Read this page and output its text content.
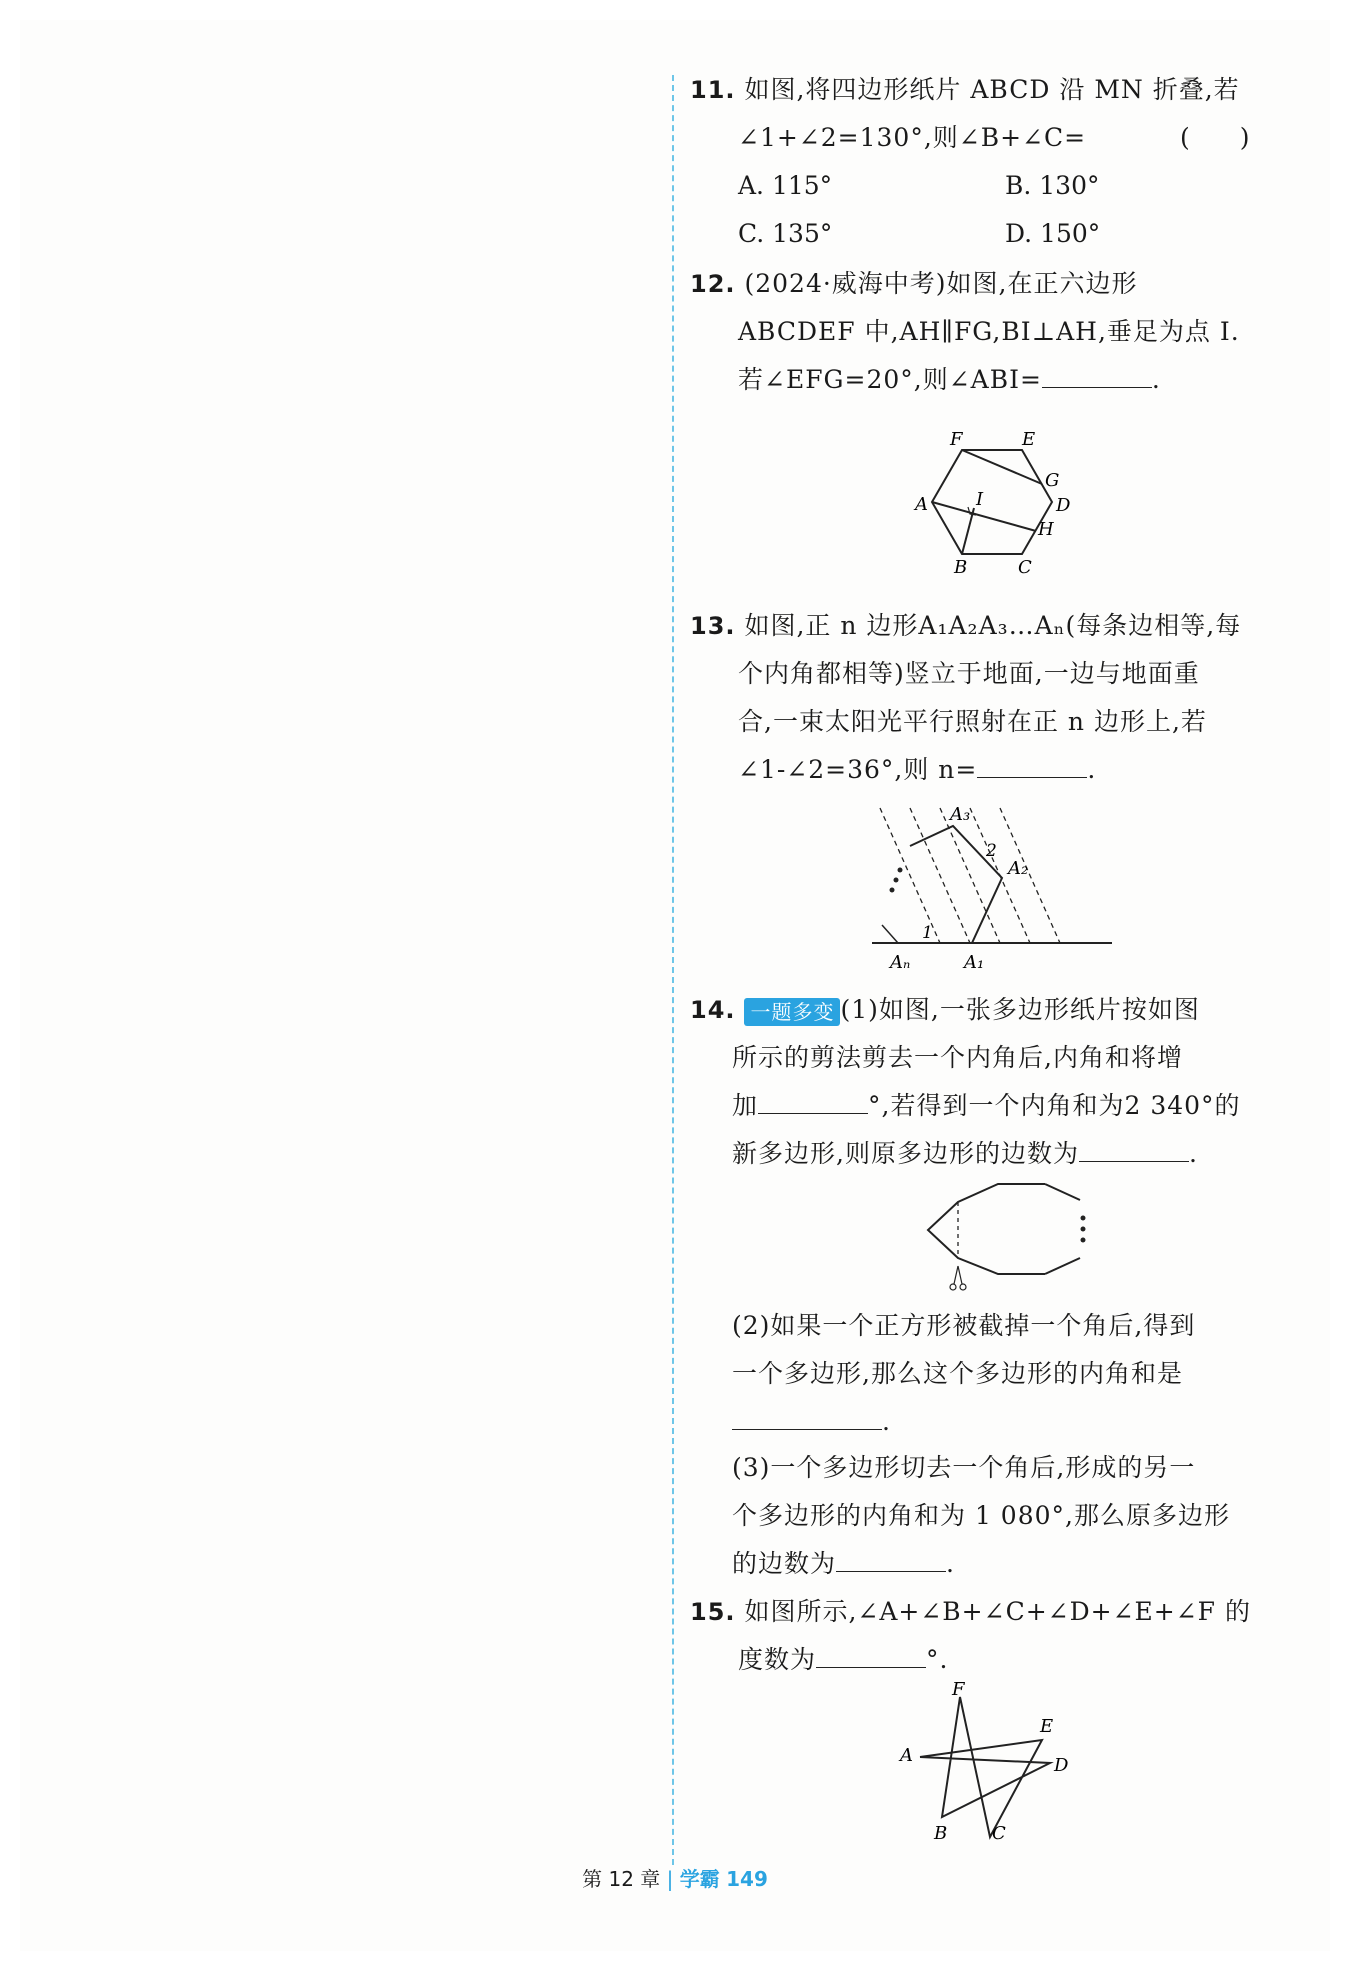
11. 如图,将四边形纸片 ABCD 沿 MN 折叠,若
∠1+∠2=130°,则∠B+∠C=	(　　)
A. 115°	B. 130°
C. 135°	D. 150°
12. (2024·威海中考)如图,在正六边形
ABCDEF 中,AH∥FG,BI⊥AH,垂足为点 I.
若∠EFG=20°,则∠ABI=	.
F	E
G
D
A	I
H
B	C
13. 如图,正 n 边形A₁A₂A₃…Aₙ(每条边相等,每
个内角都相等)竖立于地面,一边与地面重
合,一束太阳光平行照射在正 n 边形上,若
∠1-∠2=36°,则 n=	.
A₃
A₂
Aₙ	A₁
1
2
14. 一题多变 (1)如图,一张多边形纸片按如图
所示的剪法剪去一个内角后,内角和将增
加	°,若得到一个内角和为2 340°的
新多边形,则原多边形的边数为	.
(2)如果一个正方形被截掉一个角后,得到
一个多边形,那么这个多边形的内角和是
.
(3)一个多边形切去一个角后,形成的另一
个多边形的内角和为 1 080°,那么原多边形
的边数为	.
15. 如图所示,∠A+∠B+∠C+∠D+∠E+∠F 的
度数为	°.
F
E
A	D
B C
第 12 章 | 学霸 149
